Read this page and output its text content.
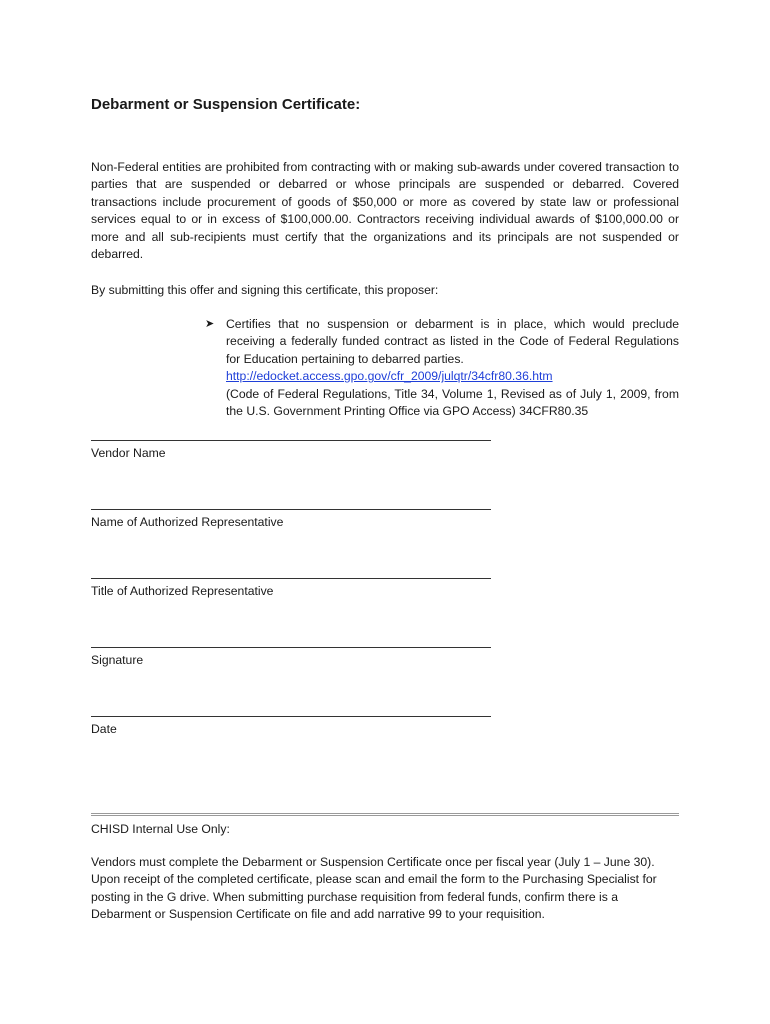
Debarment or Suspension Certificate:

Non-Federal entities are prohibited from contracting with or making sub-awards under covered transaction to parties that are suspended or debarred or whose principals are suspended or debarred. Covered transactions include procurement of goods of $50,000 or more as covered by state law or professional services equal to or in excess of $100,000.00. Contractors receiving individual awards of $100,000.00 or more and all sub-recipients must certify that the organizations and its principals are not suspended or debarred.

By submitting this offer and signing this certificate, this proposer:

➤ Certifies that no suspension or debarment is in place, which would preclude receiving a federally funded contract as listed in the Code of Federal Regulations for Education pertaining to debarred parties.

http://edocket.access.gpo.gov/cfr_2009/julqtr/34cfr80.36.htm

(Code of Federal Regulations, Title 34, Volume 1, Revised as of July 1, 2009, from the U.S. Government Printing Office via GPO Access) 34CFR80.35

Vendor Name
Name of Authorized Representative
Title of Authorized Representative
Signature
Date

CHISD Internal Use Only:

Vendors must complete the Debarment or Suspension Certificate once per fiscal year (July 1 – June 30). Upon receipt of the completed certificate, please scan and email the form to the Purchasing Specialist for posting in the G drive. When submitting purchase requisition from federal funds, confirm there is a Debarment or Suspension Certificate on file and add narrative 99 to your requisition.
